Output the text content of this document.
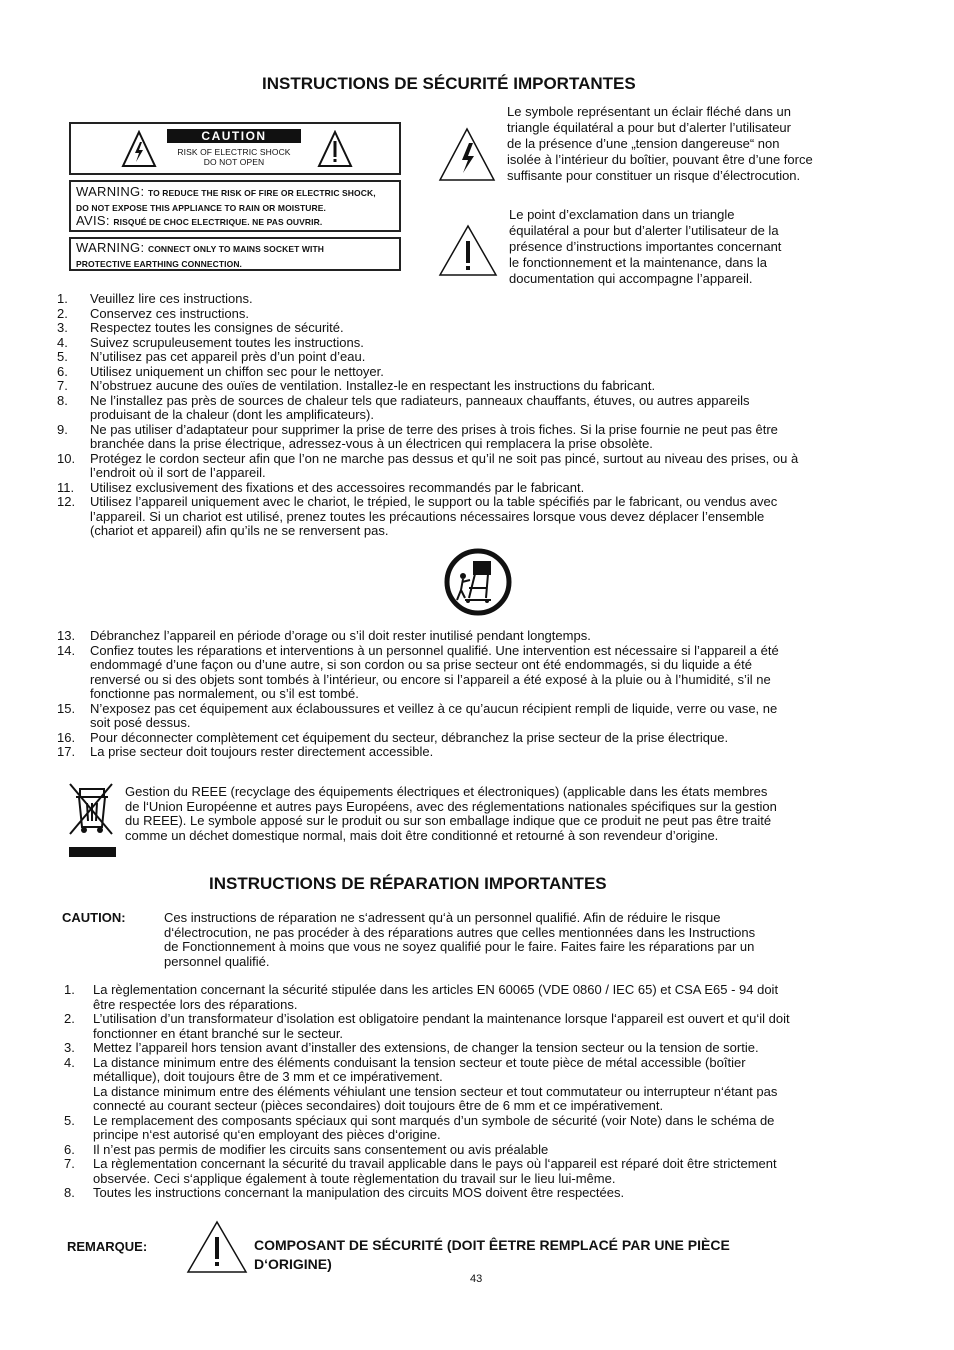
INSTRUCTIONS DE SÉCURITÉ IMPORTANTES
CAUTION
RISK OF ELECTRIC SHOCK
DO NOT OPEN
WARNING: TO REDUCE THE RISK OF FIRE OR ELECTRIC SHOCK,
DO NOT EXPOSE THIS APPLIANCE TO RAIN OR MOISTURE.
AVIS: RISQUÉ DE CHOC ELECTRIQUE. NE PAS OUVRIR.
WARNING: CONNECT ONLY TO MAINS SOCKET WITH
PROTECTIVE EARTHING CONNECTION.
Le symbole représentant un éclair fléché dans un
triangle équilatéral a pour but d’alerter l’utilisateur
de la présence d’une „tension dangereuse“ non
isolée à l’intérieur du boîtier, pouvant être d’une force
suffisante pour constituer un risque d’électrocution.
Le point d’exclamation dans un triangle
équilatéral a pour but d’alerter l’utilisateur de la
présence d’instructions importantes concernant
le fonctionnement et la maintenance, dans la
documentation qui accompagne l’appareil.
1. Veuillez lire ces instructions.
2. Conservez ces instructions.
3. Respectez toutes les consignes de sécurité.
4. Suivez scrupuleusement toutes les instructions.
5. N’utilisez pas cet appareil près d’un point d’eau.
6. Utilisez uniquement un chiffon sec pour le nettoyer.
7. N’obstruez aucune des ouïes de ventilation. Installez-le en respectant les instructions du fabricant.
8. Ne l’installez pas près de sources de chaleur tels que radiateurs, panneaux chauffants, étuves, ou autres appareils
produisant de la chaleur (dont les amplificateurs).
9. Ne pas utiliser d’adaptateur pour supprimer la prise de terre des prises à trois fiches. Si la prise fournie ne peut pas être
branchée dans la prise électrique, adressez-vous à un électricen qui remplacera la prise obsolète.
10. Protégez le cordon secteur afin que l’on ne marche pas dessus et qu’il ne soit pas pincé, surtout au niveau des prises, ou à
l’endroit où il sort de l’appareil.
11. Utilisez exclusivement des fixations et des accessoires recommandés par le fabricant.
12. Utilisez l’appareil uniquement avec le chariot, le trépied, le support ou la table spécifiés par le fabricant, ou vendus avec
l’appareil. Si un chariot est utilisé, prenez toutes les précautions nécessaires lorsque vous devez déplacer l’ensemble
(chariot et appareil) afin qu’ils ne se renversent pas.
13. Débranchez l’appareil en période d’orage ou s’il doit rester inutilisé pendant longtemps.
14. Confiez toutes les réparations et interventions à un personnel qualifié. Une intervention est nécessaire si l’appareil a été
endommagé d’une façon ou d’une autre, si son cordon ou sa prise secteur ont été endommagés, si du liquide a été
renversé ou si des objets sont tombés à l’intérieur, ou encore si l’appareil a été exposé à la pluie ou à l’humidité, s’il ne
fonctionne pas normalement, ou s’il est tombé.
15. N’exposez pas cet équipement aux éclaboussures et veillez à ce qu’aucun récipient rempli de liquide, verre ou vase, ne
soit posé dessus.
16. Pour déconnecter complètement cet équipement du secteur, débranchez la prise secteur de la prise électrique.
17. La prise secteur doit toujours rester directement accessible.
Gestion du REEE (recyclage des équipements électriques et électroniques) (applicable dans les états membres
de l‘Union Européenne et autres pays Européens, avec des réglementations nationales spécifiques sur la gestion
du REEE). Le symbole apposé sur le produit ou sur son emballage indique que ce produit ne peut pas être traité
comme un déchet domestique normal, mais doit être conditionné et retourné à son revendeur d’origine.
INSTRUCTIONS DE RÉPARATION IMPORTANTES
CAUTION:	Ces instructions de réparation ne s‘adressent qu‘à un personnel qualifié. Afin de réduire le risque
d‘électrocution, ne pas procéder à des réparations autres que celles mentionnées dans les Instructions
de Fonctionnement à moins que vous ne soyez qualifié pour le faire. Faites faire les réparations par un
personnel qualifié.
1. La règlementation concernant la sécurité stipulée dans les articles EN 60065 (VDE 0860 / IEC 65) et CSA E65 - 94 doit
être respectée lors des réparations.
2. L’utilisation d’un transformateur d’isolation est obligatoire pendant la maintenance lorsque l‘appareil est ouvert et qu‘il doit
fonctionner en étant branché sur le secteur.
3. Mettez l’appareil hors tension avant d’installer des extensions, de changer la tension secteur ou la tension de sortie.
4. La distance minimum entre des éléments conduisant la tension secteur et toute pièce de métal accessible (boîtier
métallique), doit toujours être de 3 mm et ce impérativement.
La distance minimum entre des éléments véhiulant une tension secteur et tout commutateur ou interrupteur n‘étant pas
connecté au courant secteur (pièces secondaires) doit toujours être de 6 mm et ce impérativement.
5. Le remplacement des composants spéciaux qui sont marqués d’un symbole de sécurité (voir Note) dans le schéma de
principe n‘est autorisé qu‘en employant des pièces d‘origine.
6. Il n’est pas permis de modifier les circuits sans consentement ou avis préalable
7. La règlementation concernant la sécurité du travail applicable dans le pays où l‘appareil est réparé doit être strictement
observée. Ceci s‘applique également à toute règlementation du travail sur le lieu lui-même.
8. Toutes les instructions concernant la manipulation des circuits MOS doivent être respectées.
REMARQUE:	COMPOSANT DE SÉCURITÉ (DOIT ÊETRE REMPLACÉ PAR UNE PIÈCE
D‘ORIGINE)
43
